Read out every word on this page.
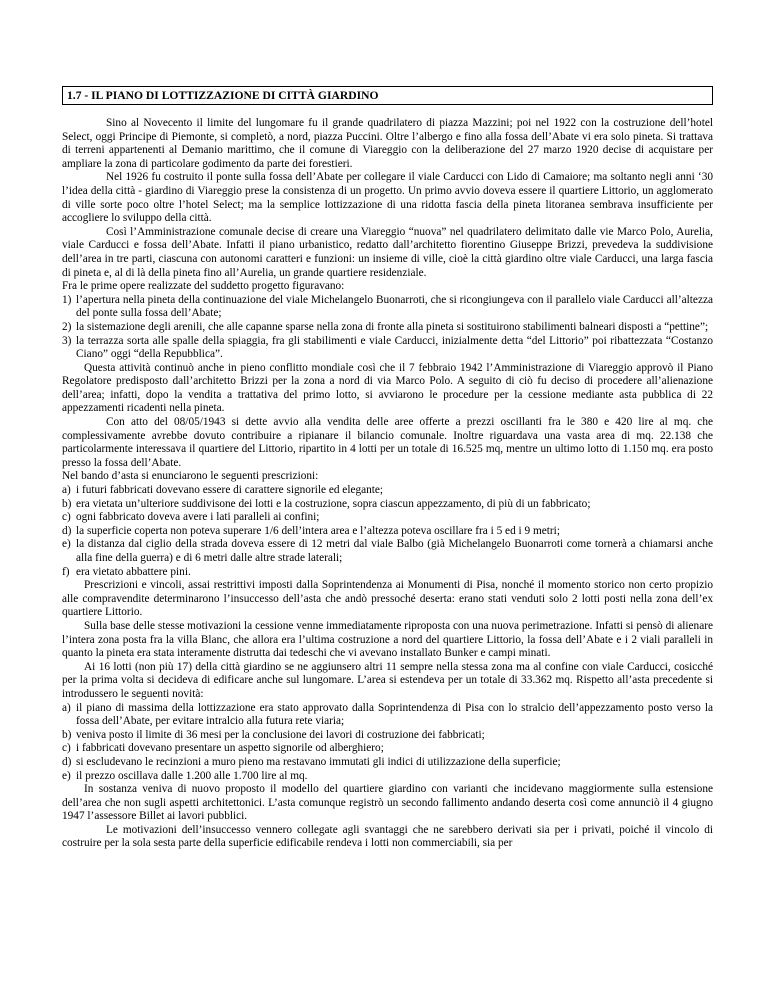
1.7 - IL PIANO DI LOTTIZZAZIONE DI CITTÀ GIARDINO

Sino al Novecento il limite del lungomare fu il grande quadrilatero di piazza Mazzini; poi nel 1922 con la costruzione dell’hotel Select, oggi Principe di Piemonte, si completò, a nord, piazza Puccini. Oltre l’albergo e fino alla fossa dell’Abate vi era solo pineta. Si trattava di terreni appartenenti al Demanio marittimo, che il comune di Viareggio con la deliberazione del 27 marzo 1920 decise di acquistare per ampliare la zona di particolare godimento da parte dei forestieri.

Nel 1926 fu costruito il ponte sulla fossa dell’Abate per collegare il viale Carducci con Lido di Camaiore; ma soltanto negli anni ‘30 l’idea della città - giardino di Viareggio prese la consistenza di un progetto. Un primo avvio doveva essere il quartiere Littorio, un agglomerato di ville sorte poco oltre l’hotel Select; ma la semplice lottizzazione di una ridotta fascia della pineta litoranea sembrava insufficiente per accogliere lo sviluppo della città.

Così l’Amministrazione comunale decise di creare una Viareggio “nuova” nel quadrilatero delimitato dalle vie Marco Polo, Aurelia, viale Carducci e fossa dell’Abate. Infatti il piano urbanistico, redatto dall’architetto fiorentino Giuseppe Brizzi, prevedeva la suddivisione dell’area in tre parti, ciascuna con autonomi caratteri e funzioni: un insieme di ville, cioè la città giardino oltre viale Carducci, una larga fascia di pineta e, al di là della pineta fino all’Aurelia, un grande quartiere residenziale.

Fra le prime opere realizzate del suddetto progetto figuravano:

1) l’apertura nella pineta della continuazione del viale Michelangelo Buonarroti, che si ricongiungeva con il parallelo viale Carducci all’altezza del ponte sulla fossa dell’Abate;
2) la sistemazione degli arenili, che alle capanne sparse nella zona di fronte alla pineta si sostituirono stabilimenti balneari disposti a “pettine”;
3) la terrazza sorta alle spalle della spiaggia, fra gli stabilimenti e viale Carducci, inizialmente detta “del Littorio” poi ribattezzata “Costanzo Ciano” oggi “della Repubblica”.

Questa attività continuò anche in pieno conflitto mondiale così che il 7 febbraio 1942 l’Amministrazione di Viareggio approvò il Piano Regolatore predisposto dall’architetto Brizzi per la zona a nord di via Marco Polo. A seguito di ciò fu deciso di procedere all’alienazione dell’area; infatti, dopo la vendita a trattativa del primo lotto, si avviarono le procedure per la cessione mediante asta pubblica di 22 appezzamenti ricadenti nella pineta.

Con atto del 08/05/1943 si dette avvio alla vendita delle aree offerte a prezzi oscillanti fra le 380 e 420 lire al mq. che complessivamente avrebbe dovuto contribuire a ripianare il bilancio comunale. Inoltre riguardava una vasta area di mq. 22.138 che particolarmente interessava il quartiere del Littorio, ripartito in 4 lotti per un totale di 16.525 mq, mentre un ultimo lotto di 1.150 mq. era posto presso la fossa dell’Abate.

Nel bando d’asta si enunciarono le seguenti prescrizioni:

a) i futuri fabbricati dovevano essere di carattere signorile ed elegante;
b) era vietata un’ulteriore suddivisone dei lotti e la costruzione, sopra ciascun appezzamento, di più di un fabbricato;
c) ogni fabbricato doveva avere i lati paralleli ai confini;
d) la superficie coperta non poteva superare 1/6 dell’intera area e l’altezza poteva oscillare fra i 5 ed i 9 metri;
e) la distanza dal ciglio della strada doveva essere di 12 metri dal viale Balbo (già Michelangelo Buonarroti come tornerà a chiamarsi anche alla fine della guerra) e di 6 metri dalle altre strade laterali;
f) era vietato abbattere pini.

Prescrizioni e vincoli, assai restrittivi imposti dalla Soprintendenza ai Monumenti di Pisa, nonché il momento storico non certo propizio alle compravendite determinarono l’insuccesso dell’asta che andò pressoché deserta: erano stati venduti solo 2 lotti posti nella zona dell’ex quartiere Littorio.

Sulla base delle stesse motivazioni la cessione venne immediatamente riproposta con una nuova perimetrazione. Infatti si pensò di alienare l’intera zona posta fra la villa Blanc, che allora era l’ultima costruzione a nord del quartiere Littorio, la fossa dell’Abate e i 2 viali paralleli in quanto la pineta era stata interamente distrutta dai tedeschi che vi avevano installato Bunker e campi minati.

Ai 16 lotti (non più 17) della città giardino se ne aggiunsero altri 11 sempre nella stessa zona ma al confine con viale Carducci, cosicché per la prima volta si decideva di edificare anche sul lungomare. L’area si estendeva per un totale di 33.362 mq. Rispetto all’asta precedente si introdussero le seguenti novità:

a) il piano di massima della lottizzazione era stato approvato dalla Soprintendenza di Pisa con lo stralcio dell’appezzamento posto verso la fossa dell’Abate, per evitare intralcio alla futura rete viaria;
b) veniva posto il limite di 36 mesi per la conclusione dei lavori di costruzione dei fabbricati;
c) i fabbricati dovevano presentare un aspetto signorile od alberghiero;
d) si escludevano le recinzioni a muro pieno ma restavano immutati gli indici di utilizzazione della superficie;
e) il prezzo oscillava dalle 1.200 alle 1.700 lire al mq.

In sostanza veniva di nuovo proposto il modello del quartiere giardino con varianti che incidevano maggiormente sulla estensione dell’area che non sugli aspetti architettonici. L’asta comunque registrò un secondo fallimento andando deserta così come annunciò il 4 giugno 1947 l’assessore Billet ai lavori pubblici.

Le motivazioni dell’insuccesso vennero collegate agli svantaggi che ne sarebbero derivati sia per i privati, poiché il vincolo di costruire per la sola sesta parte della superficie edificabile rendeva i lotti non commerciabili, sia per
